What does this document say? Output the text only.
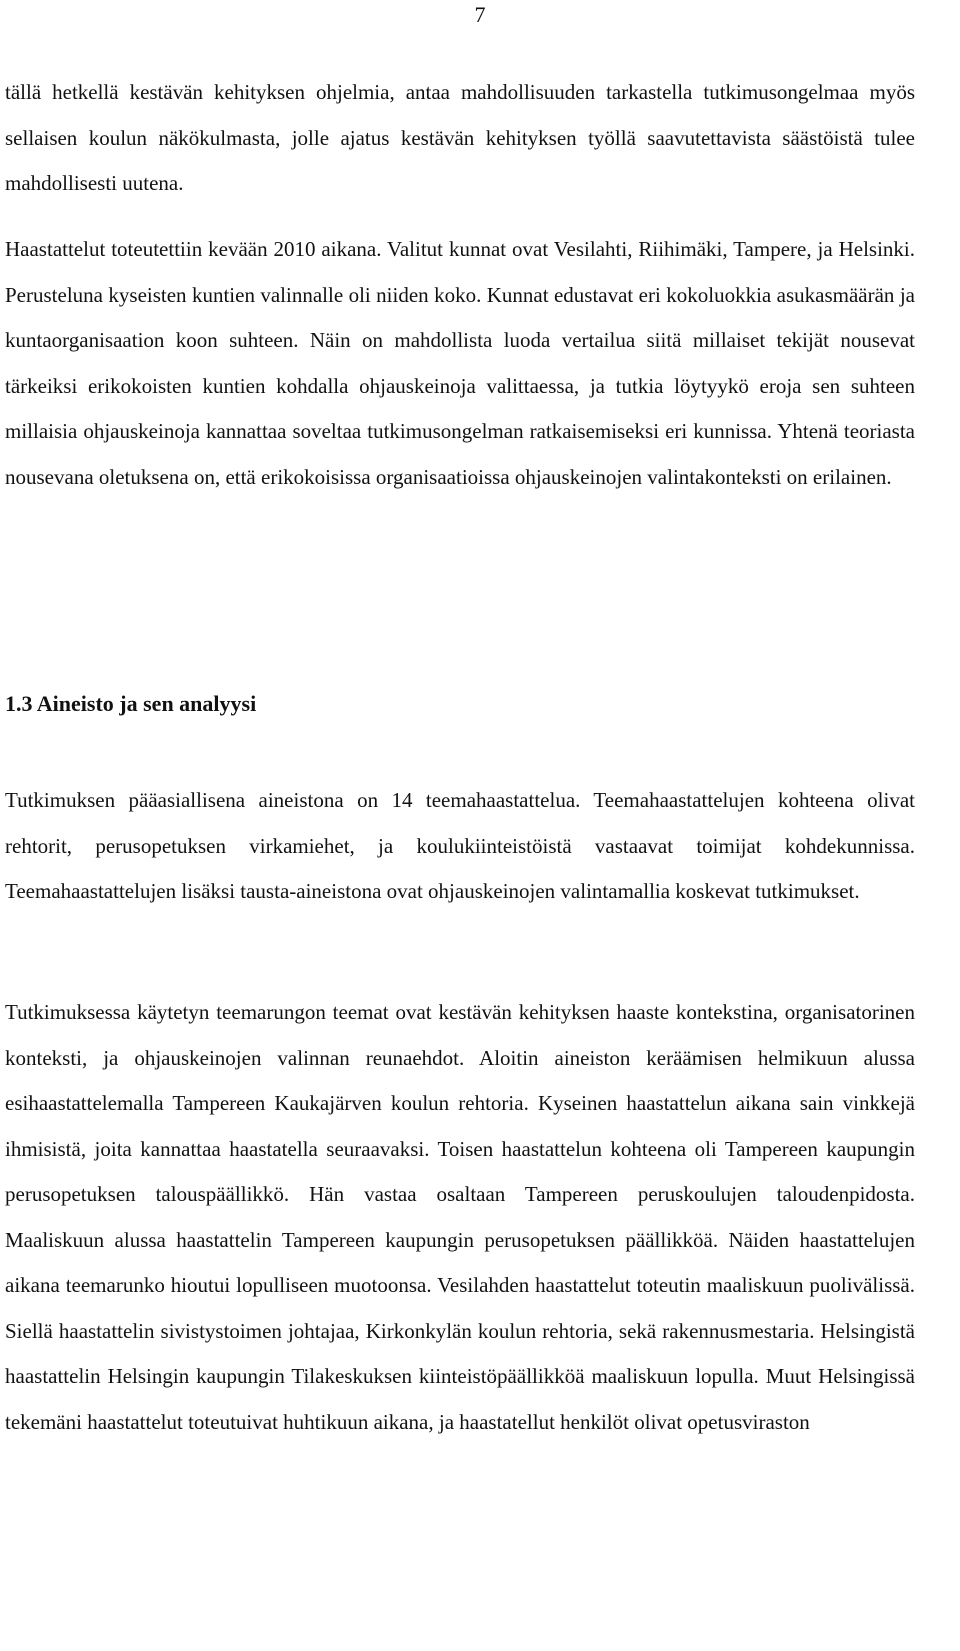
7

tällä hetkellä kestävän kehityksen ohjelmia, antaa mahdollisuuden tarkastella tutkimusongelmaa myös sellaisen koulun näkökulmasta, jolle ajatus kestävän kehityksen työllä saavutettavista säästöistä tulee mahdollisesti uutena.

Haastattelut toteutettiin kevään 2010 aikana. Valitut kunnat ovat Vesilahti, Riihimäki, Tampere, ja Helsinki. Perusteluna kyseisten kuntien valinnalle oli niiden koko. Kunnat edustavat eri kokoluokkia asukasmäärän ja kuntaorganisaation koon suhteen. Näin on mahdollista luoda vertailua siitä millaiset tekijät nousevat tärkeiksi erikokoisten kuntien kohdalla ohjauskeinoja valittaessa, ja tutkia löytyykö eroja sen suhteen millaisia ohjauskeinoja kannattaa soveltaa tutkimusongelman ratkaisemiseksi eri kunnissa. Yhtenä teoriasta nousevana oletuksena on, että erikokoisissa organisaatioissa ohjauskeinojen valintakonteksti on erilainen.

1.3 Aineisto ja sen analyysi

Tutkimuksen pääasiallisena aineistona on 14 teemahaastattelua. Teemahaastattelujen kohteena olivat rehtorit, perusopetuksen virkamiehet, ja koulukiinteistöistä vastaavat toimijat kohdekunnissa. Teemahaastattelujen lisäksi tausta-aineistona ovat ohjauskeinojen valintamallia koskevat tutkimukset.

Tutkimuksessa käytetyn teemarungon teemat ovat kestävän kehityksen haaste kontekstina, organisatorinen konteksti, ja ohjauskeinojen valinnan reunaehdot. Aloitin aineiston keräämisen helmikuun alussa esihaastattelemalla Tampereen Kaukajärven koulun rehtoria. Kyseinen haastattelun aikana sain vinkkejä ihmisistä, joita kannattaa haastatella seuraavaksi. Toisen haastattelun kohteena oli Tampereen kaupungin perusopetuksen talouspäällikkö. Hän vastaa osaltaan Tampereen peruskoulujen taloudenpidosta. Maaliskuun alussa haastattelin Tampereen kaupungin perusopetuksen päällikköä. Näiden haastattelujen aikana teemarunko hioutui lopulliseen muotoonsa. Vesilahden haastattelut toteutin maaliskuun puolivälissä. Siellä haastattelin sivistystoimen johtajaa, Kirkonkylän koulun rehtoria, sekä rakennusmestaria. Helsingistä haastattelin Helsingin kaupungin Tilakeskuksen kiinteistöpäällikköä maaliskuun lopulla. Muut Helsingissä tekemäni haastattelut toteutuivat huhtikuun aikana, ja haastatellut henkilöt olivat opetusviraston
